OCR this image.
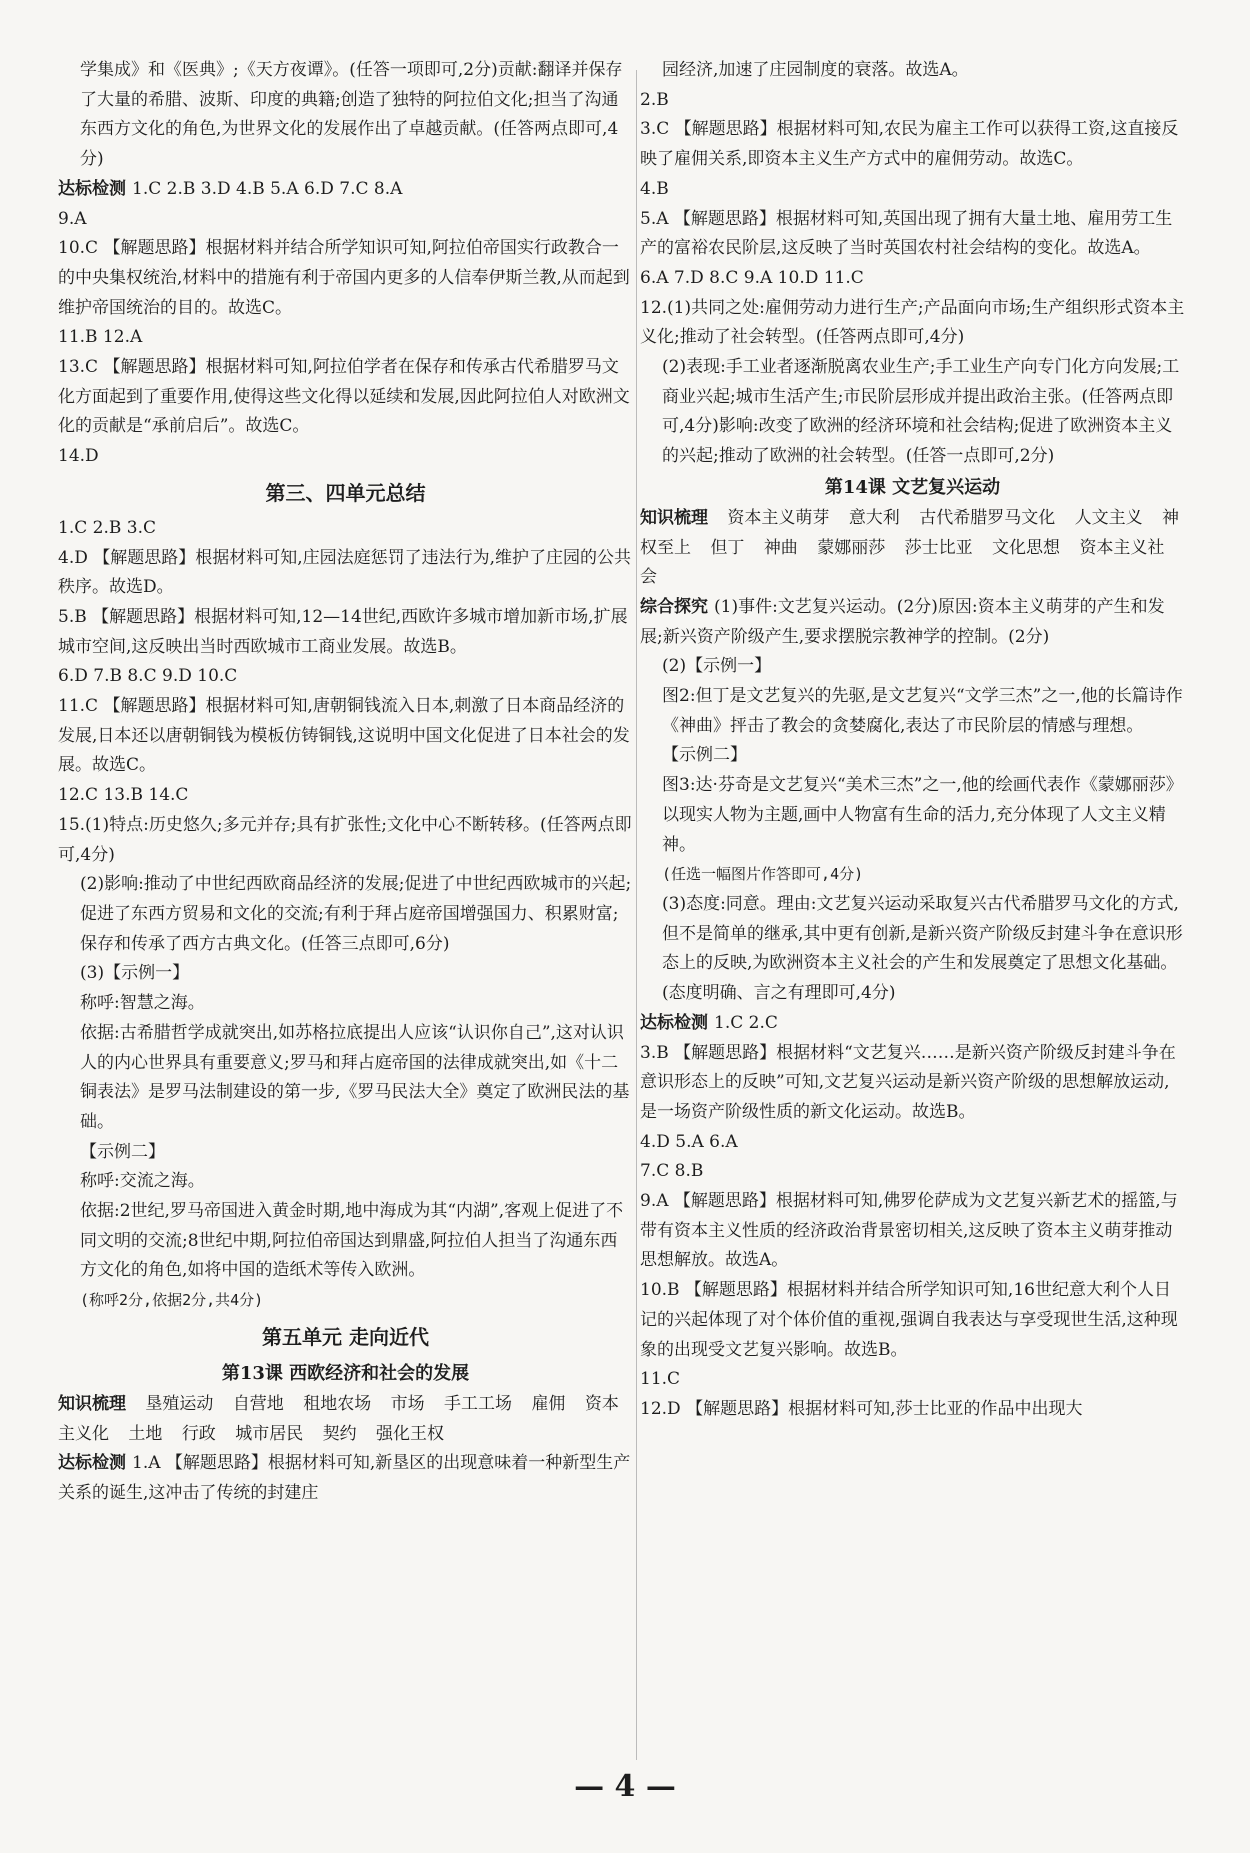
学集成》和《医典》;《天方夜谭》。(任答一项即可,2分)贡献:翻译并保存了大量的希腊、波斯、印度的典籍;创造了独特的阿拉伯文化;担当了沟通东西方文化的角色,为世界文化的发展作出了卓越贡献。(任答两点即可,4分)

达标检测 1.C 2.B 3.D 4.B 5.A 6.D 7.C 8.A

9.A

10.C 【解题思路】根据材料并结合所学知识可知,阿拉伯帝国实行政教合一的中央集权统治,材料中的措施有利于帝国内更多的人信奉伊斯兰教,从而起到维护帝国统治的目的。故选C。

11.B 12.A

13.C 【解题思路】根据材料可知,阿拉伯学者在保存和传承古代希腊罗马文化方面起到了重要作用,使得这些文化得以延续和发展,因此阿拉伯人对欧洲文化的贡献是“承前启后”。故选C。

14.D

第三、四单元总结

1.C 2.B 3.C

4.D 【解题思路】根据材料可知,庄园法庭惩罚了违法行为,维护了庄园的公共秩序。故选D。

5.B 【解题思路】根据材料可知,12—14世纪,西欧许多城市增加新市场,扩展城市空间,这反映出当时西欧城市工商业发展。故选B。

6.D 7.B 8.C 9.D 10.C

11.C 【解题思路】根据材料可知,唐朝铜钱流入日本,刺激了日本商品经济的发展,日本还以唐朝铜钱为模板仿铸铜钱,这说明中国文化促进了日本社会的发展。故选C。

12.C 13.B 14.C

15.(1)特点:历史悠久;多元并存;具有扩张性;文化中心不断转移。(任答两点即可,4分)

(2)影响:推动了中世纪西欧商品经济的发展;促进了中世纪西欧城市的兴起;促进了东西方贸易和文化的交流;有利于拜占庭帝国增强国力、积累财富;保存和传承了西方古典文化。(任答三点即可,6分)

(3)【示例一】

称呼:智慧之海。

依据:古希腊哲学成就突出,如苏格拉底提出人应该“认识你自己”,这对认识人的内心世界具有重要意义;罗马和拜占庭帝国的法律成就突出,如《十二铜表法》是罗马法制建设的第一步,《罗马民法大全》奠定了欧洲民法的基础。

【示例二】

称呼:交流之海。

依据:2世纪,罗马帝国进入黄金时期,地中海成为其“内湖”,客观上促进了不同文明的交流;8世纪中期,阿拉伯帝国达到鼎盛,阿拉伯人担当了沟通东西方文化的角色,如将中国的造纸术等传入欧洲。

(称呼2分,依据2分,共4分)

第五单元 走向近代
第13课 西欧经济和社会的发展

知识梳理 垦殖运动 自营地 租地农场 市场 手工工场 雇佣 资本主义化 土地 行政 城市居民 契约 强化王权

达标检测 1.A 【解题思路】根据材料可知,新垦区的出现意味着一种新型生产关系的诞生,这冲击了传统的封建庄

园经济,加速了庄园制度的衰落。故选A。

2.B

3.C 【解题思路】根据材料可知,农民为雇主工作可以获得工资,这直接反映了雇佣关系,即资本主义生产方式中的雇佣劳动。故选C。

4.B

5.A 【解题思路】根据材料可知,英国出现了拥有大量土地、雇用劳工生产的富裕农民阶层,这反映了当时英国农村社会结构的变化。故选A。

6.A 7.D 8.C 9.A 10.D 11.C

12.(1)共同之处:雇佣劳动力进行生产;产品面向市场;生产组织形式资本主义化;推动了社会转型。(任答两点即可,4分)

(2)表现:手工业者逐渐脱离农业生产;手工业生产向专门化方向发展;工商业兴起;城市生活产生;市民阶层形成并提出政治主张。(任答两点即可,4分)影响:改变了欧洲的经济环境和社会结构;促进了欧洲资本主义的兴起;推动了欧洲的社会转型。(任答一点即可,2分)

第14课 文艺复兴运动

知识梳理 资本主义萌芽 意大利 古代希腊罗马文化 人文主义 神权至上 但丁 神曲 蒙娜丽莎 莎士比亚 文化思想 资本主义社会

综合探究 (1)事件:文艺复兴运动。(2分)原因:资本主义萌芽的产生和发展;新兴资产阶级产生,要求摆脱宗教神学的控制。(2分)

(2)【示例一】

图2:但丁是文艺复兴的先驱,是文艺复兴“文学三杰”之一,他的长篇诗作《神曲》抨击了教会的贪婪腐化,表达了市民阶层的情感与理想。

【示例二】

图3:达·芬奇是文艺复兴“美术三杰”之一,他的绘画代表作《蒙娜丽莎》以现实人物为主题,画中人物富有生命的活力,充分体现了人文主义精神。

(任选一幅图片作答即可,4分)

(3)态度:同意。理由:文艺复兴运动采取复兴古代希腊罗马文化的方式,但不是简单的继承,其中更有创新,是新兴资产阶级反封建斗争在意识形态上的反映,为欧洲资本主义社会的产生和发展奠定了思想文化基础。(态度明确、言之有理即可,4分)

达标检测 1.C 2.C

3.B 【解题思路】根据材料“文艺复兴……是新兴资产阶级反封建斗争在意识形态上的反映”可知,文艺复兴运动是新兴资产阶级的思想解放运动,是一场资产阶级性质的新文化运动。故选B。

4.D 5.A 6.A

7.C 8.B

9.A 【解题思路】根据材料可知,佛罗伦萨成为文艺复兴新艺术的摇篮,与带有资本主义性质的经济政治背景密切相关,这反映了资本主义萌芽推动思想解放。故选A。

10.B 【解题思路】根据材料并结合所学知识可知,16世纪意大利个人日记的兴起体现了对个体价值的重视,强调自我表达与享受现世生活,这种现象的出现受文艺复兴影响。故选B。

11.C

12.D 【解题思路】根据材料可知,莎士比亚的作品中出现大

— 4 —
